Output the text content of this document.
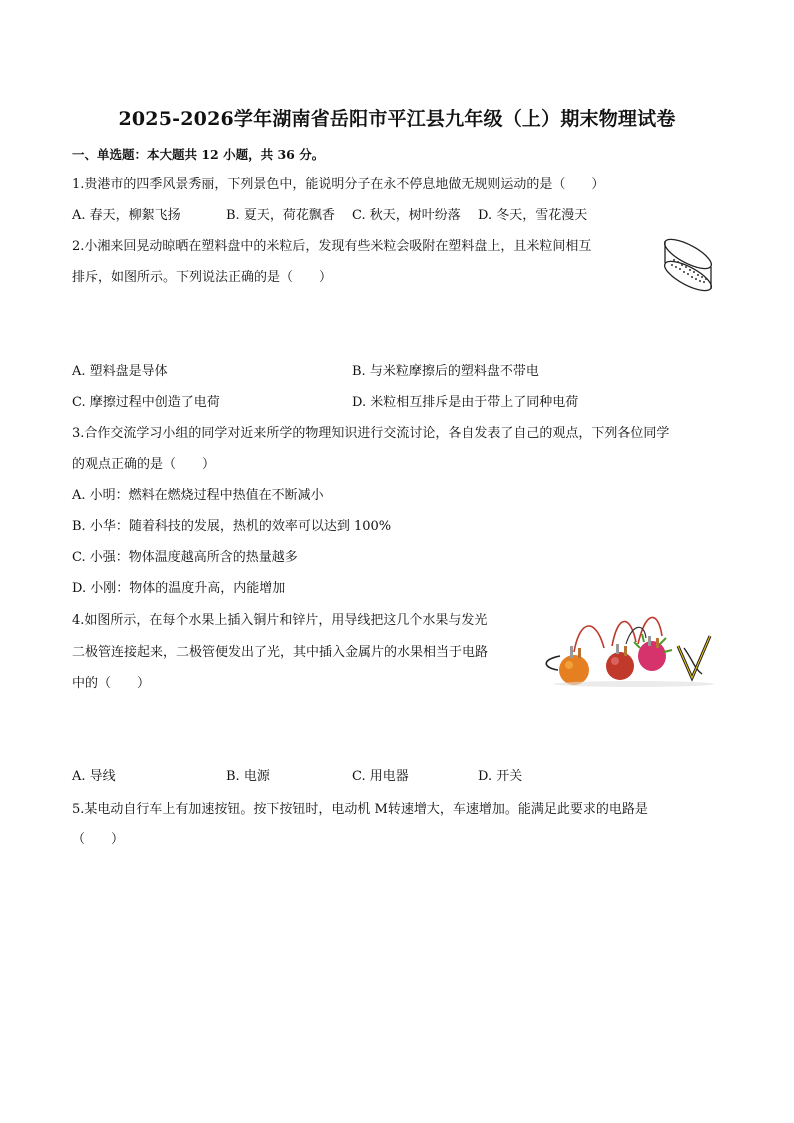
2025-2026学年湖南省岳阳市平江县九年级（上）期末物理试卷
一、单选题：本大题共 12 小题，共 36 分。
1.贵港市的四季风景秀丽，下列景色中，能说明分子在永不停息地做无规则运动的是（　　）
A. 春天，柳絮飞扬	B. 夏天，荷花飘香 C. 秋天，树叶纷落 D. 冬天，雪花漫天
2.小湘来回晃动晾晒在塑料盘中的米粒后，发现有些米粒会吸附在塑料盘上，且米粒间相互
排斥，如图所示。下列说法正确的是（　　）
A. 塑料盘是导体	B. 与米粒摩擦后的塑料盘不带电
C. 摩擦过程中创造了电荷	D. 米粒相互排斥是由于带上了同种电荷
3.合作交流学习小组的同学对近来所学的物理知识进行交流讨论，各自发表了自己的观点，下列各位同学
的观点正确的是（　　）
A. 小明：燃料在燃烧过程中热值在不断减小
B. 小华：随着科技的发展，热机的效率可以达到 100%
C. 小强：物体温度越高所含的热量越多
D. 小刚：物体的温度升高，内能增加
4.如图所示，在每个水果上插入铜片和锌片，用导线把这几个水果与发光
二极管连接起来，二极管便发出了光，其中插入金属片的水果相当于电路
中的（　　）
A. 导线	B. 电源	C. 用电器	D. 开关
5.某电动自行车上有加速按钮。按下按钮时，电动机 M转速增大，车速增加。能满足此要求的电路是
（　　）
